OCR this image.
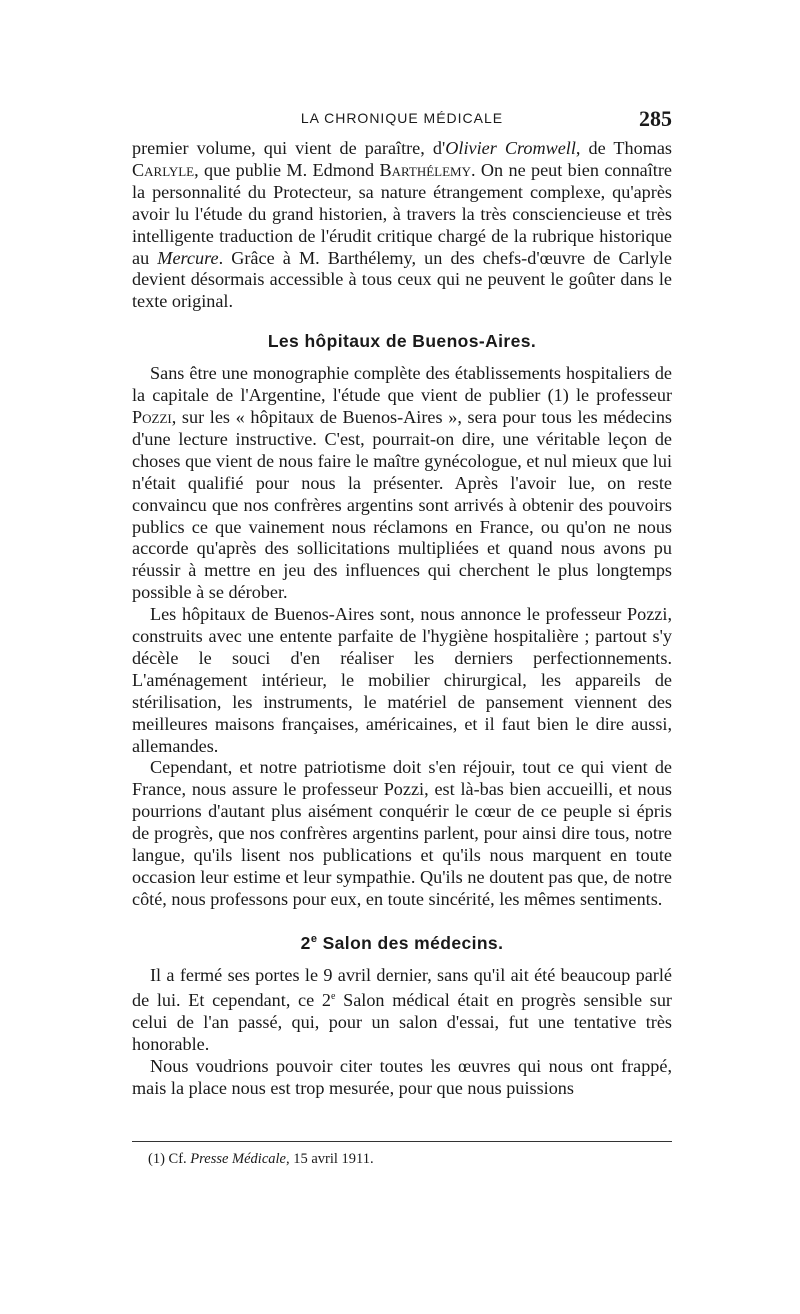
LA CHRONIQUE MÉDICALE	285

premier volume, qui vient de paraître, d'Olivier Cromwell, de Thomas Carlyle, que publie M. Edmond Barthélemy. On ne peut bien connaître la personnalité du Protecteur, sa nature étrangement complexe, qu'après avoir lu l'étude du grand historien, à travers la très consciencieuse et très intelligente traduction de l'érudit critique chargé de la rubrique historique au Mercure. Grâce à M. Barthélemy, un des chefs-d'œuvre de Carlyle devient désormais accessible à tous ceux qui ne peuvent le goûter dans le texte original.

Les hôpitaux de Buenos-Aires.

Sans être une monographie complète des établissements hospitaliers de la capitale de l'Argentine, l'étude que vient de publier (1) le professeur Pozzi, sur les « hôpitaux de Buenos-Aires », sera pour tous les médecins d'une lecture instructive. C'est, pourrait-on dire, une véritable leçon de choses que vient de nous faire le maître gynécologue, et nul mieux que lui n'était qualifié pour nous la présenter. Après l'avoir lue, on reste convaincu que nos confrères argentins sont arrivés à obtenir des pouvoirs publics ce que vainement nous réclamons en France, ou qu'on ne nous accorde qu'après des sollicitations multipliées et quand nous avons pu réussir à mettre en jeu des influences qui cherchent le plus longtemps possible à se dérober.

Les hôpitaux de Buenos-Aires sont, nous annonce le professeur Pozzi, construits avec une entente parfaite de l'hygiène hospitalière ; partout s'y décèle le souci d'en réaliser les derniers perfectionnements. L'aménagement intérieur, le mobilier chirurgical, les appareils de stérilisation, les instruments, le matériel de pansement viennent des meilleures maisons françaises, américaines, et il faut bien le dire aussi, allemandes.

Cependant, et notre patriotisme doit s'en réjouir, tout ce qui vient de France, nous assure le professeur Pozzi, est là-bas bien accueilli, et nous pourrions d'autant plus aisément conquérir le cœur de ce peuple si épris de progrès, que nos confrères argentins parlent, pour ainsi dire tous, notre langue, qu'ils lisent nos publications et qu'ils nous marquent en toute occasion leur estime et leur sympathie. Qu'ils ne doutent pas que, de notre côté, nous professons pour eux, en toute sincérité, les mêmes sentiments.

2e Salon des médecins.

Il a fermé ses portes le 9 avril dernier, sans qu'il ait été beaucoup parlé de lui. Et cependant, ce 2e Salon médical était en progrès sensible sur celui de l'an passé, qui, pour un salon d'essai, fut une tentative très honorable.

Nous voudrions pouvoir citer toutes les œuvres qui nous ont frappé, mais la place nous est trop mesurée, pour que nous puissions

(1) Cf. Presse Médicale, 15 avril 1911.
